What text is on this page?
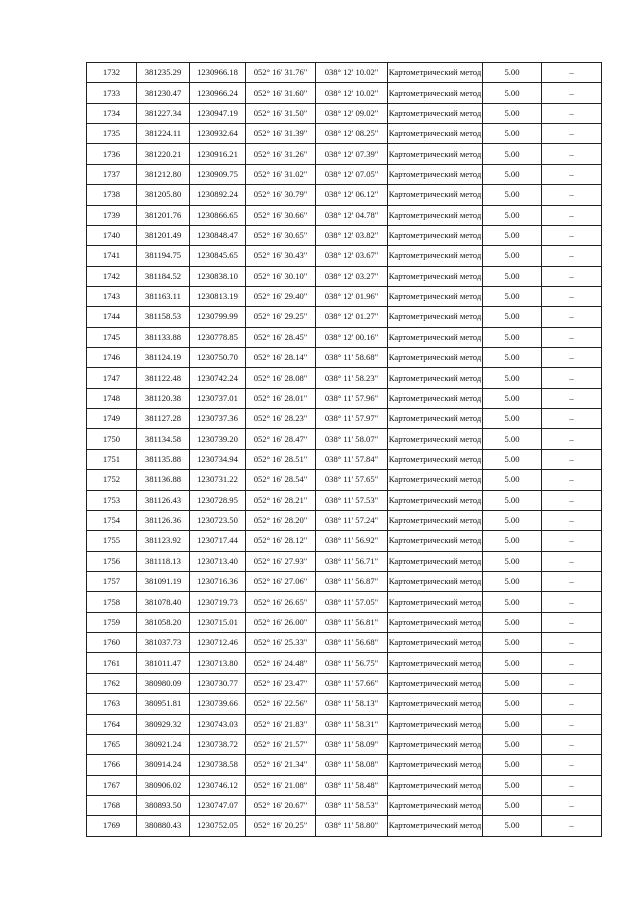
1732	381235.29	1230966.18	052° 16' 31.76"	038° 12' 10.02"	Картометрический метод	5.00	–
1733	381230.47	1230966.24	052° 16' 31.60"	038° 12' 10.02"	Картометрический метод	5.00	–
1734	381227.34	1230947.19	052° 16' 31.50"	038° 12' 09.02"	Картометрический метод	5.00	–
1735	381224.11	1230932.64	052° 16' 31.39"	038° 12' 08.25"	Картометрический метод	5.00	–
1736	381220.21	1230916.21	052° 16' 31.26"	038° 12' 07.39"	Картометрический метод	5.00	–
1737	381212.80	1230909.75	052° 16' 31.02"	038° 12' 07.05"	Картометрический метод	5.00	–
1738	381205.80	1230892.24	052° 16' 30.79"	038° 12' 06.12"	Картометрический метод	5.00	–
1739	381201.76	1230866.65	052° 16' 30.66"	038° 12' 04.78"	Картометрический метод	5.00	–
1740	381201.49	1230848.47	052° 16' 30.65"	038° 12' 03.82"	Картометрический метод	5.00	–
1741	381194.75	1230845.65	052° 16' 30.43"	038° 12' 03.67"	Картометрический метод	5.00	–
1742	381184.52	1230838.10	052° 16' 30.10"	038° 12' 03.27"	Картометрический метод	5.00	–
1743	381163.11	1230813.19	052° 16' 29.40"	038° 12' 01.96"	Картометрический метод	5.00	–
1744	381158.53	1230799.99	052° 16' 29.25"	038° 12' 01.27"	Картометрический метод	5.00	–
1745	381133.88	1230778.85	052° 16' 28.45"	038° 12' 00.16"	Картометрический метод	5.00	–
1746	381124.19	1230750.70	052° 16' 28.14"	038° 11' 58.68"	Картометрический метод	5.00	–
1747	381122.48	1230742.24	052° 16' 28.08"	038° 11' 58.23"	Картометрический метод	5.00	–
1748	381120.38	1230737.01	052° 16' 28.01"	038° 11' 57.96"	Картометрический метод	5.00	–
1749	381127.28	1230737.36	052° 16' 28.23"	038° 11' 57.97"	Картометрический метод	5.00	–
1750	381134.58	1230739.20	052° 16' 28.47"	038° 11' 58.07"	Картометрический метод	5.00	–
1751	381135.88	1230734.94	052° 16' 28.51"	038° 11' 57.84"	Картометрический метод	5.00	–
1752	381136.88	1230731.22	052° 16' 28.54"	038° 11' 57.65"	Картометрический метод	5.00	–
1753	381126.43	1230728.95	052° 16' 28.21"	038° 11' 57.53"	Картометрический метод	5.00	–
1754	381126.36	1230723.50	052° 16' 28.20"	038° 11' 57.24"	Картометрический метод	5.00	–
1755	381123.92	1230717.44	052° 16' 28.12"	038° 11' 56.92"	Картометрический метод	5.00	–
1756	381118.13	1230713.40	052° 16' 27.93"	038° 11' 56.71"	Картометрический метод	5.00	–
1757	381091.19	1230716.36	052° 16' 27.06"	038° 11' 56.87"	Картометрический метод	5.00	–
1758	381078.40	1230719.73	052° 16' 26.65"	038° 11' 57.05"	Картометрический метод	5.00	–
1759	381058.20	1230715.01	052° 16' 26.00"	038° 11' 56.81"	Картометрический метод	5.00	–
1760	381037.73	1230712.46	052° 16' 25.33"	038° 11' 56.68"	Картометрический метод	5.00	–
1761	381011.47	1230713.80	052° 16' 24.48"	038° 11' 56.75"	Картометрический метод	5.00	–
1762	380980.09	1230730.77	052° 16' 23.47"	038° 11' 57.66"	Картометрический метод	5.00	–
1763	380951.81	1230739.66	052° 16' 22.56"	038° 11' 58.13"	Картометрический метод	5.00	–
1764	380929.32	1230743.03	052° 16' 21.83"	038° 11' 58.31"	Картометрический метод	5.00	–
1765	380921.24	1230738.72	052° 16' 21.57"	038° 11' 58.09"	Картометрический метод	5.00	–
1766	380914.24	1230738.58	052° 16' 21.34"	038° 11' 58.08"	Картометрический метод	5.00	–
1767	380906.02	1230746.12	052° 16' 21.08"	038° 11' 58.48"	Картометрический метод	5.00	–
1768	380893.50	1230747.07	052° 16' 20.67"	038° 11' 58.53"	Картометрический метод	5.00	–
1769	380880.43	1230752.05	052° 16' 20.25"	038° 11' 58.80"	Картометрический метод	5.00	–
